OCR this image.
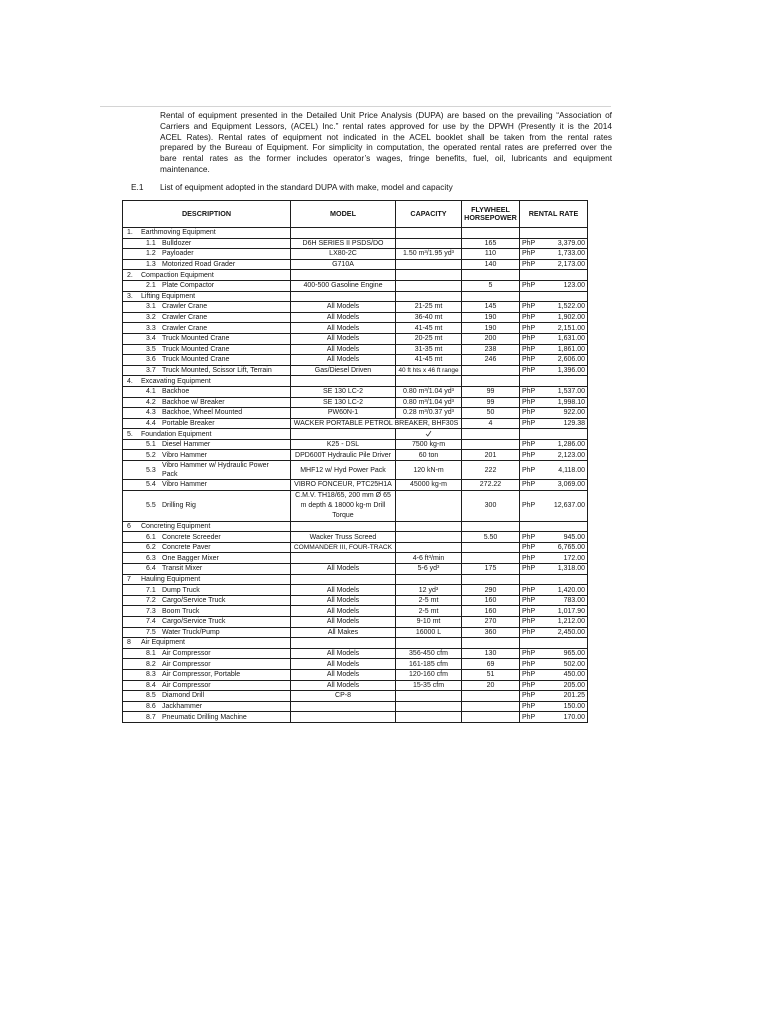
Rental of equipment presented in the Detailed Unit Price Analysis (DUPA) are based on the prevailing “Association of
Carriers and Equipment Lessors, (ACEL) Inc.” rental rates approved for use by the DPWH (Presently it is the 2014
ACEL Rates). Rental rates of equipment not indicated in the ACEL booklet shall be taken from the rental rates
prepared by the Bureau of Equipment. For simplicity in computation, the operated rental rates are preferred over the
bare rental rates as the former includes operator’s wages, fringe benefits, fuel, oil, lubricants and equipment
maintenance.
E.1 List of equipment adopted in the standard DUPA with make, model and capacity
DESCRIPTION	MODEL	CAPACITY	FLYWHEEL HORSEPOWER	RENTAL RATE

1. Earthmoving Equipment				

1.1 Bulldozer	D6H SERIES II PSDS/DO		165	PhP 3,379.00

1.2 Payloader	LX80-2C	1.50 m³/1.95 yd³	110	PhP 1,733.00

1.3 Motorized Road Grader	G710A		140	PhP 2,173.00

2. Compaction Equipment				

2.1 Plate Compactor	400-500 Gasoline Engine		5	PhP 123.00

3. Lifting Equipment				

3.1 Crawler Crane	All Models	21-25 mt	145	PhP 1,522.00

3.2 Crawler Crane	All Models	36-40 mt	190	PhP 1,902.00

3.3 Crawler Crane	All Models	41-45 mt	190	PhP 2,151.00

3.4 Truck Mounted Crane	All Models	20-25 mt	200	PhP 1,631.00

3.5 Truck Mounted Crane	All Models	31-35 mt	238	PhP 1,861.00

3.6 Truck Mounted Crane	All Models	41-45 mt	246	PhP 2,606.00

3.7 Truck Mounted, Scissor Lift, Terrain	Gas/Diesel Driven	40 ft hts x 46 ft range		PhP 1,396.00

4. Excavating Equipment				

4.1 Backhoe	SE 130 LC-2	0.80 m³/1.04 yd³	99	PhP 1,537.00

4.2 Backhoe w/ Breaker	SE 130 LC-2	0.80 m³/1.04 yd³	99	PhP 1,998.10

4.3 Backhoe, Wheel Mounted	PW60N-1	0.28 m³/0.37 yd³	50	PhP 922.00

4.4 Portable Breaker	WACKER PORTABLE PETROL BREAKER, BHF30S		4	PhP 129.38

5. Foundation Equipment

5.1 Diesel Hammer	K25 - DSL	7500 kg-m		PhP 1,286.00

5.2 Vibro Hammer	DPD600T Hydraulic Pile Driver	60 ton	201	PhP 2,123.00

5.3
Vibro Hammer w/ Hydraulic Power
Pack	MHF12 w/ Hyd Power Pack	120 kN-m	222	PhP 4,118.00

5.4 Vibro Hammer	VIBRO FONCEUR, PTC25H1A	45000 kg-m	272.22	PhP 3,069.00

5.5 Drilling Rig	C.M.V. TH18/65, 200 mm Ø 65
m depth & 18000 kg-m Drill
Torque		300	PhP 12,637.00

6 Concreting Equipment				

6.1 Concrete Screeder	Wacker Truss Screed		5.50	PhP 945.00

6.2 Concrete Paver	COMMANDER III, FOUR-TRACK			PhP 6,765.00

6.3 One Bagger Mixer		4-6 ft³/min		PhP 172.00

6.4 Transit Mixer	All Models	5-6 yd³	175	PhP 1,318.00

7 Hauling Equipment				

7.1 Dump Truck	All Models	12 yd³	290	PhP 1,420.00

7.2 Cargo/Service Truck	All Models	2-5 mt	160	PhP 783.00

7.3 Boom Truck	All Models	2-5 mt	160	PhP 1,017.90

7.4 Cargo/Service Truck	All Models	9-10 mt	270	PhP 1,212.00

7.5 Water Truck/Pump	All Makes	16000 L	360	PhP 2,450.00

8 Air Equipment				

8.1 Air Compressor	All Models	356-450 cfm	130	PhP 965.00

8.2 Air Compressor	All Models	161-185 cfm	69	PhP 502.00

8.3 Air Compressor, Portable	All Models	120-160 cfm	51	PhP 450.00

8.4 Air Compressor	All Models	15-35 cfm	20	PhP 205.00

8.5 Diamond Drill	CP-8			PhP 201.25

8.6 Jackhammer				PhP 150.00

8.7 Pneumatic Drilling Machine				PhP 170.00
